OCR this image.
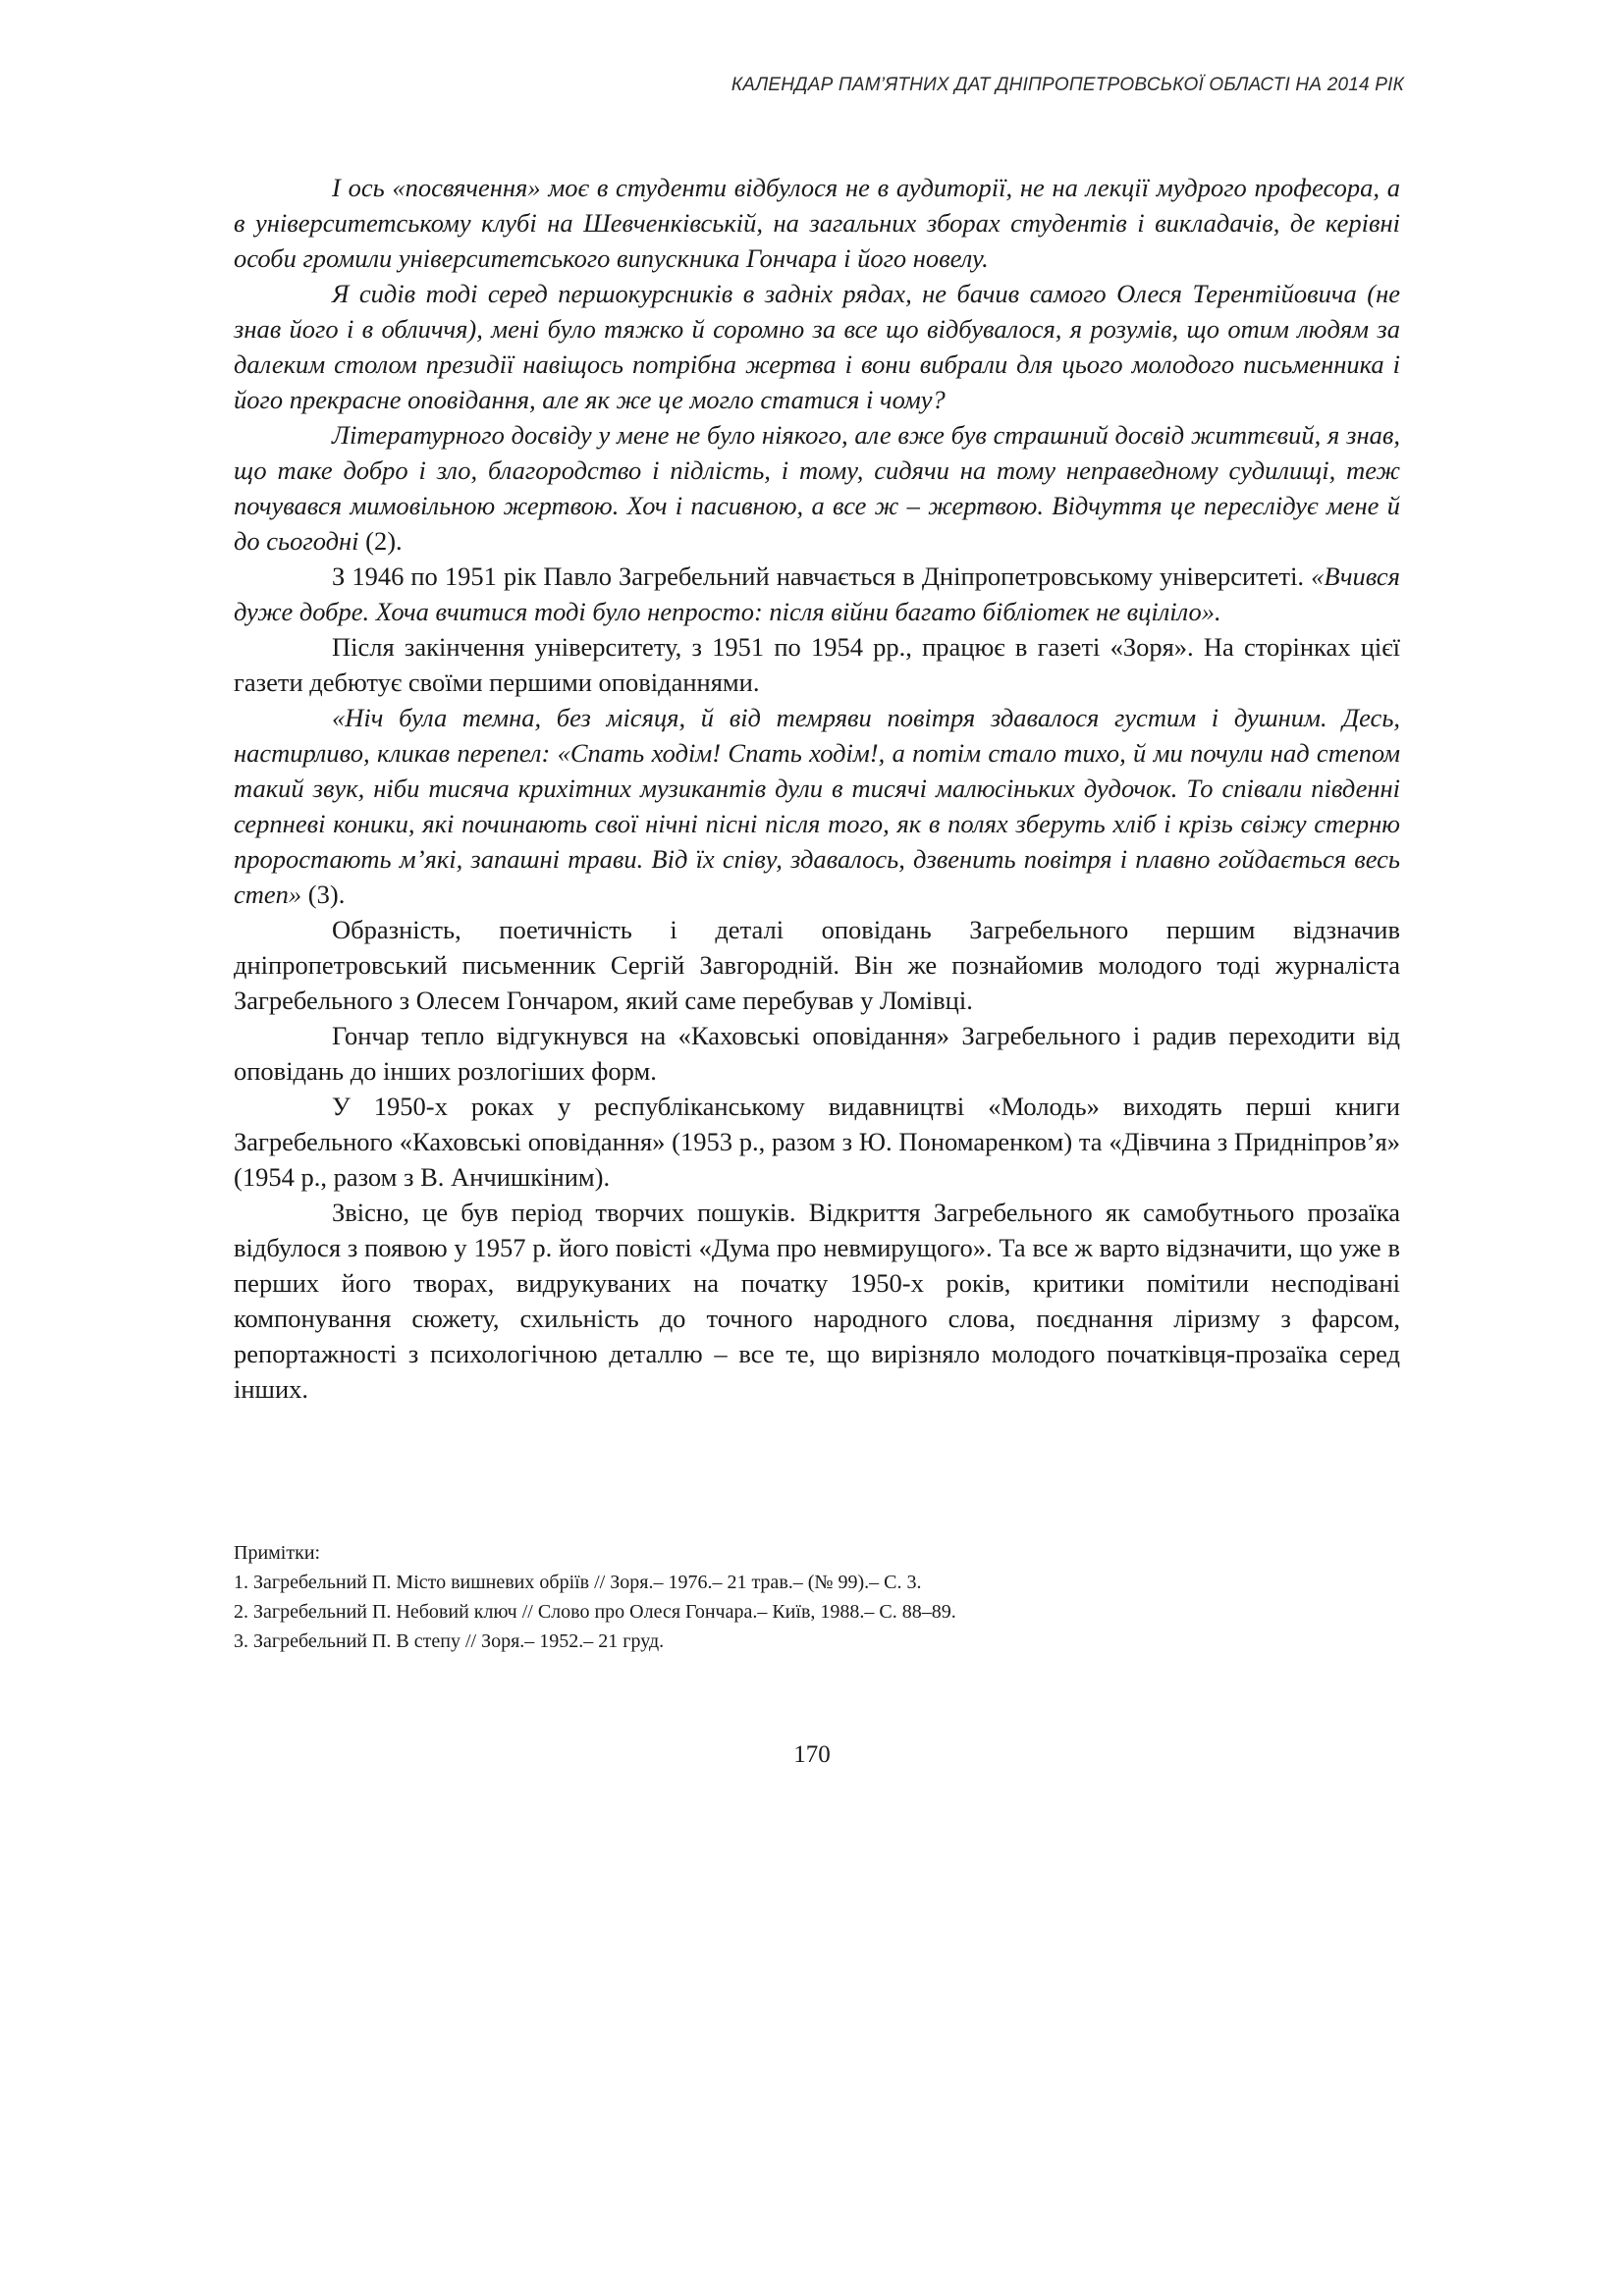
КАЛЕНДАР ПАМ’ЯТНИХ ДАТ ДНІПРОПЕТРОВСЬКОЇ ОБЛАСТІ НА 2014 РІК

І ось «посвячення» моє в студенти відбулося не в аудиторії, не на лекції мудрого професора, а в університетському клубі на Шевченківській, на загальних зборах студентів і викладачів, де керівні особи громили університетського випускника Гончара і його новелу.

Я сидів тоді серед першокурсників в задніх рядах, не бачив самого Олеся Терентійовича (не знав його і в обличчя), мені було тяжко й соромно за все що відбувалося, я розумів, що отим людям за далеким столом президії навіщось потрібна жертва і вони вибрали для цього молодого письменника і його прекрасне оповідання, але як же це могло статися і чому?

Літературного досвіду у мене не було ніякого, але вже був страшний досвід життєвий, я знав, що таке добро і зло, благородство і підлість, і тому, сидячи на тому неправедному судилищі, теж почувався мимовільною жертвою. Хоч і пасивною, а все ж – жертвою. Відчуття це переслідує мене й до сьогодні (2).

З 1946 по 1951 рік Павло Загребельний навчається в Дніпропетровському університеті. «Вчився дуже добре. Хоча вчитися тоді було непросто: після війни багато бібліотек не вціліло».

Після закінчення університету, з 1951 по 1954 рр., працює в газеті «Зоря». На сторінках цієї газети дебютує своїми першими оповіданнями.

«Ніч була темна, без місяця, й від темряви повітря здавалося густим і душним. Десь, настирливо, кликав перепел: «Спать ходім! Спать ходім!, а потім стало тихо, й ми почули над степом такий звук, ніби тисяча крихітних музикантів дули в тисячі малюсіньких дудочок. То співали південні серпневі коники, які починають свої нічні пісні після того, як в полях зберуть хліб і крізь свіжу стерню проростають м’які, запашні трави. Від їх співу, здавалось, дзвенить повітря і плавно гойдається весь степ» (3).

Образність, поетичність і деталі оповідань Загребельного першим відзначив дніпропетровський письменник Сергій Завгородній. Він же познайомив молодого тоді журналіста Загребельного з Олесем Гончаром, який саме перебував у Ломівці.

Гончар тепло відгукнувся на «Каховські оповідання» Загребельного і радив переходити від оповідань до інших розлогіших форм.

У 1950-х роках у республіканському видавництві «Молодь» виходять перші книги Загребельного «Каховські оповідання» (1953 р., разом з Ю. Пономаренком) та «Дівчина з Придніпров’я» (1954 р., разом з В. Анчишкіним).

Звісно, це був період творчих пошуків. Відкриття Загребельного як самобутнього прозаїка відбулося з появою у 1957 р. його повісті «Дума про невмирущого». Та все ж варто відзначити, що уже в перших його творах, видрукуваних на початку 1950-х років, критики помітили несподівані компонування сюжету, схильність до точного народного слова, поєднання ліризму з фарсом, репортажності з психологічною деталлю – все те, що вирізняло молодого початківця-прозаїка серед інших.

Примітки:
1. Загребельний П. Місто вишневих обріїв // Зоря.– 1976.– 21 трав.– (№ 99).– С. 3.
2. Загребельний П. Небовий ключ // Слово про Олеся Гончара.– Київ, 1988.– С. 88–89.
3. Загребельний П. В степу // Зоря.– 1952.– 21 груд.
170
